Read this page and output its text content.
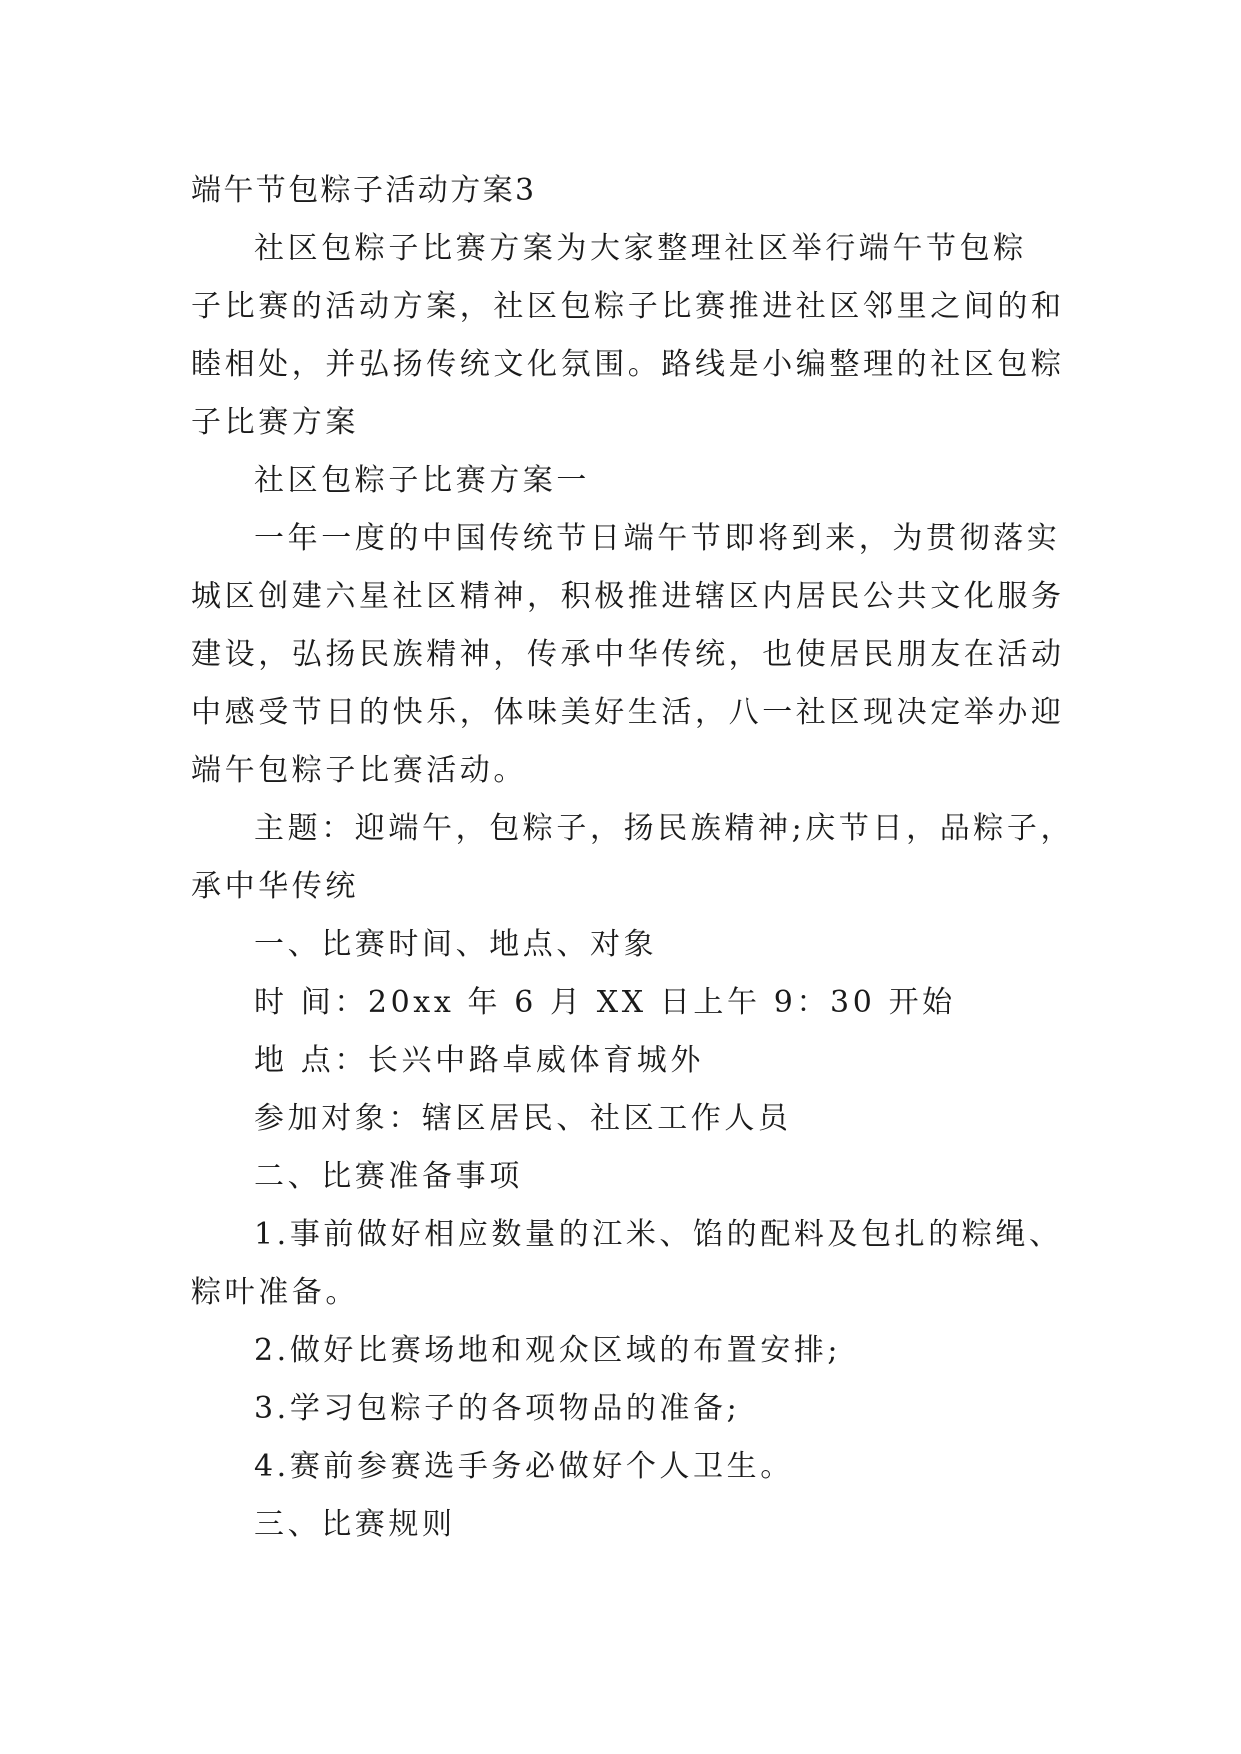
端午节包粽子活动方案3
社区包粽子比赛方案为大家整理社区举行端午节包粽
子比赛的活动方案，社区包粽子比赛推进社区邻里之间的和
睦相处，并弘扬传统文化氛围。路线是小编整理的社区包粽
子比赛方案
社区包粽子比赛方案一
一年一度的中国传统节日端午节即将到来，为贯彻落实
城区创建六星社区精神，积极推进辖区内居民公共文化服务
建设，弘扬民族精神，传承中华传统，也使居民朋友在活动
中感受节日的快乐，体味美好生活，八一社区现决定举办迎
端午包粽子比赛活动。
主题：迎端午，包粽子，扬民族精神;庆节日，品粽子，
承中华传统
一、比赛时间、地点、对象
时 间：20xx 年 6 月 XX 日上午 9：30 开始
地 点：长兴中路卓威体育城外
参加对象：辖区居民、社区工作人员
二、比赛准备事项
1.事前做好相应数量的江米、馅的配料及包扎的粽绳、
粽叶准备。
2.做好比赛场地和观众区域的布置安排;
3.学习包粽子的各项物品的准备;
4.赛前参赛选手务必做好个人卫生。
三、比赛规则
